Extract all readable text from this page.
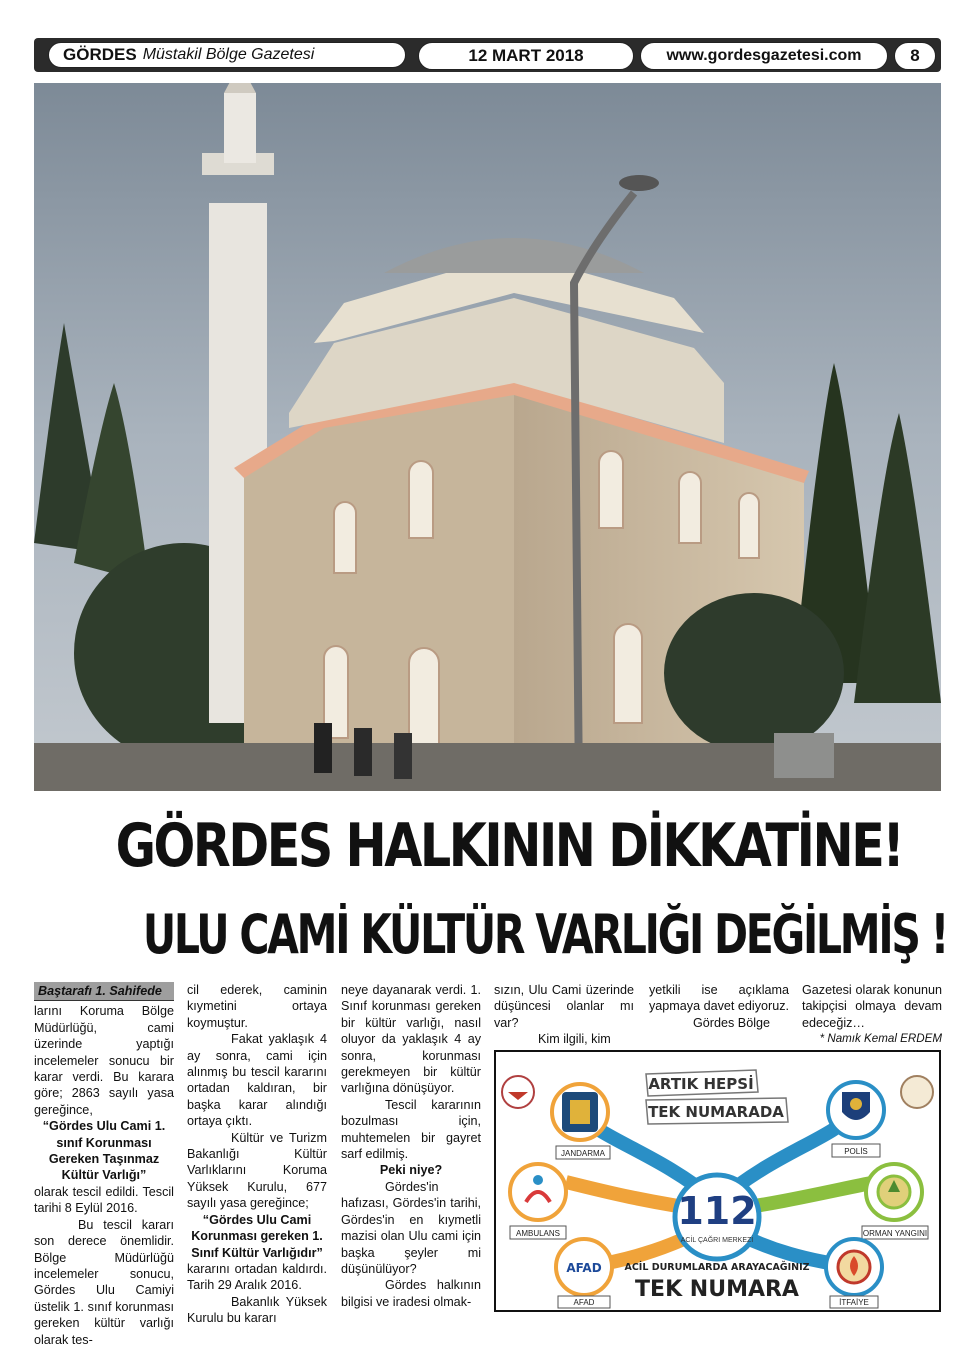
GÖRDES Müstakil Bölge Gazetesi	12 MART 2018	www.gordesgazetesi.com	8
GÖRDES HALKININ DİKKATİNE!
ULU CAMİ KÜLTÜR VARLIĞI DEĞİLMİŞ !
Baştarafı 1. Sahifede

larını Koruma Bölge Müdürlüğü, cami üzerinde yaptığı incelemeler sonucu bir karar verdi. Bu karara göre; 2863 sayılı yasa gereğince,

“Gördes Ulu Cami 1. sınıf Korunması Gereken Taşınmaz Kültür Varlığı”

olarak tescil edildi. Tescil tarihi 8 Eylül 2016.

Bu tescil kararı son derece önemlidir. Bölge Müdürlüğü incelemeler sonucu, Gördes Ulu Camiyi üstelik 1. sınıf korunması gereken kültür varlığı olarak tes-

cil ederek, caminin kıymetini ortaya koymuştur.

Fakat yaklaşık 4 ay sonra, cami için alınmış bu tescil kararını ortadan kaldıran, bir başka karar alındığı ortaya çıktı.

Kültür ve Turizm Bakanlığı Kültür Varlıklarını Koruma Yüksek Kurulu, 677 sayılı yasa gereğince;

“Gördes Ulu Cami Korunması gereken 1. Sınıf Kültür Varlığıdır”

kararını ortadan kaldırdı. Tarih 29 Aralık 2016.

Bakanlık Yüksek Kurulu bu kararı

neye dayanarak verdi. 1. Sınıf korunması gereken bir kültür varlığı, nasıl oluyor da yaklaşık 4 ay sonra, korunması gerekmeyen bir kültür varlığına dönüşüyor.

Tescil kararının bozulması için, muhtemelen bir gayret sarf edilmiş.

Peki niye?

Gördes'in hafızası, Gördes'in tarihi, Gördes'in en kıymetli mazisi olan Ulu cami için başka şeyler mi düşünülüyor?

Gördes halkının bilgisi ve iradesi olmak-

sızın, Ulu Cami üzerinde düşüncesi olanlar mı var?

Kim ilgili, kim

yetkili ise açıklama yapmaya davet ediyoruz.

Gördes Bölge

Gazetesi olarak konunun takipçisi olmaya devam edeceğiz…

* Namık Kemal ERDEM

ARTIK HEPSİ
TEK NUMARADA
112
ACİL ÇAĞRI MERKEZİ
JANDARMA	POLİS
AMBULANS	ORMAN YANGINI
AFAD
AFAD	İTFAİYE
ACİL DURUMLARDA ARAYACAĞINIZ
TEK NUMARA
